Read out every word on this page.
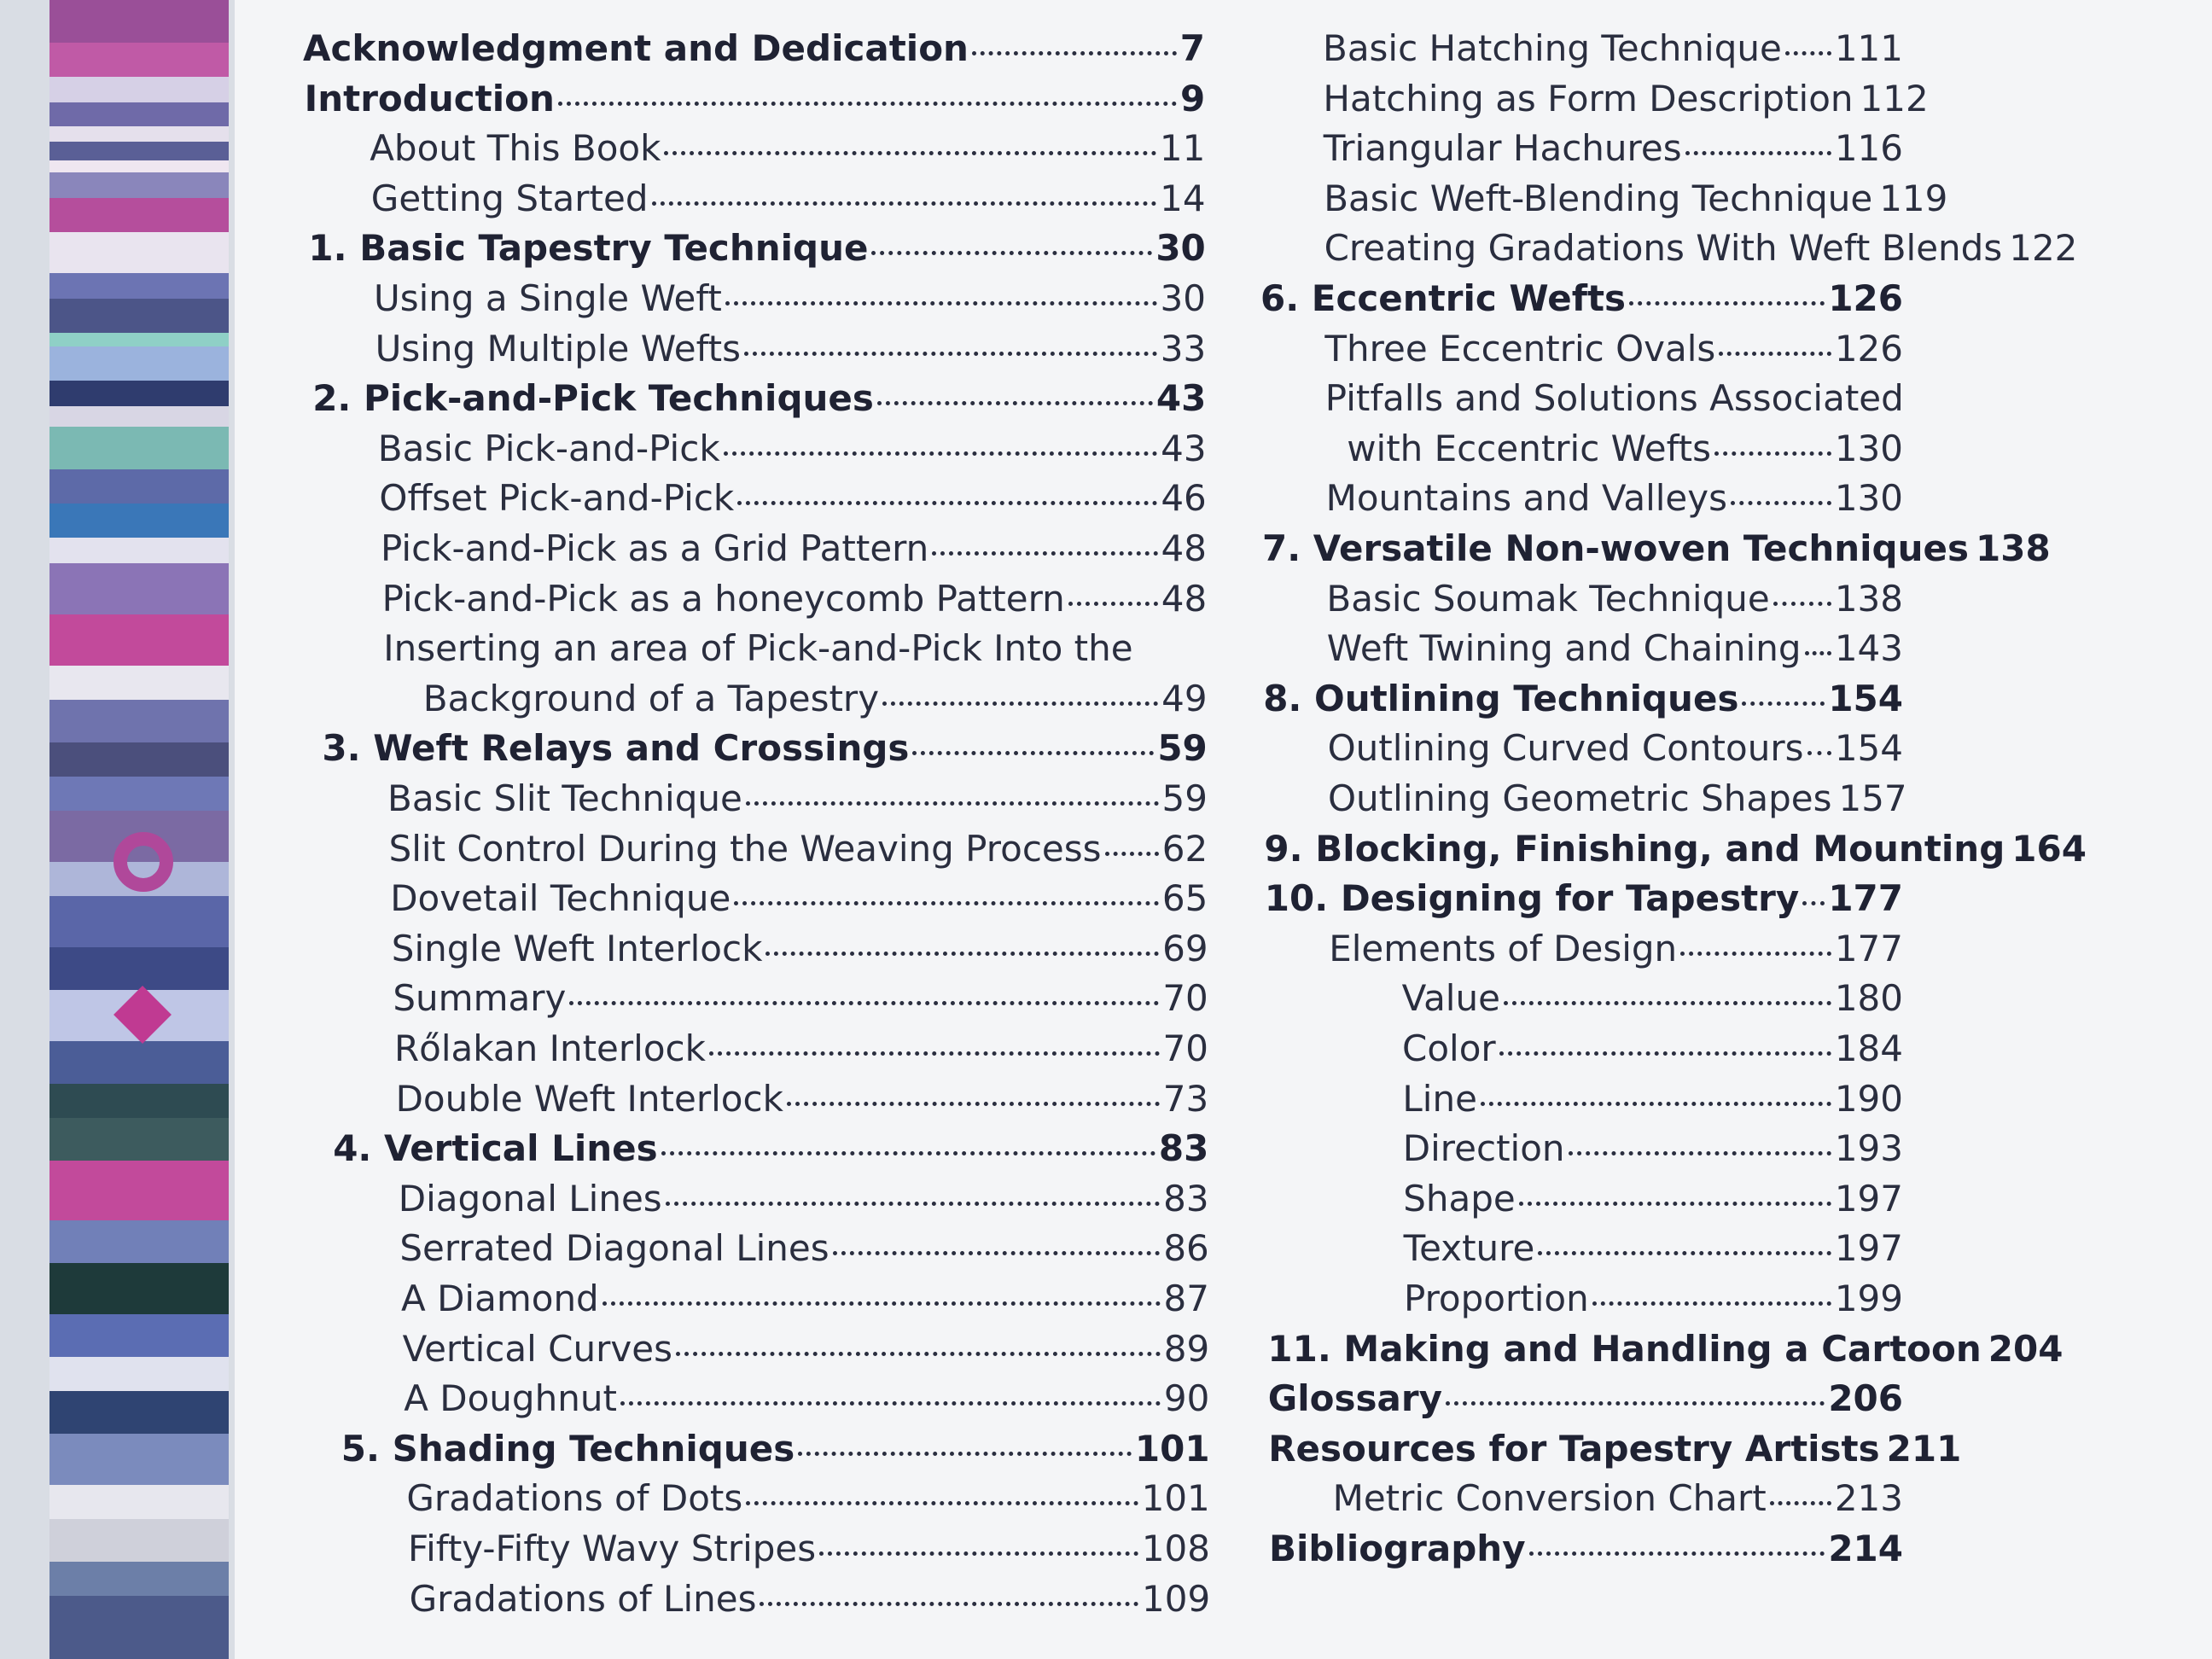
Acknowledgment and Dedication	7
Introduction	9
About This Book	11
Getting Started	14
1. Basic Tapestry Technique	30
Using a Single Weft	30
Using Multiple Wefts	33
2. Pick-and-Pick Techniques	43
Basic Pick-and-Pick	43
Offset Pick-and-Pick	46
Pick-and-Pick as a Grid Pattern	48
Pick-and-Pick as a honeycomb Pattern	48
Inserting an area of Pick-and-Pick Into the
Background of a Tapestry	49
3. Weft Relays and Crossings	59
Basic Slit Technique	59
Slit Control During the Weaving Process 62
Dovetail Technique	65
Single Weft Interlock	69
Summary	70
Rőlakan Interlock	70
Double Weft Interlock	73
4. Vertical Lines	83
Diagonal Lines	83
Serrated Diagonal Lines	86
A Diamond	87
Vertical Curves	89
A Doughnut	90
5. Shading Techniques	101
Gradations of Dots	101
Fifty-Fifty Wavy Stripes	108
Gradations of Lines	109
Basic Hatching Technique 111
Hatching as Form Description 112
Triangular Hachures	116
Basic Weft-Blending Technique 119
Creating Gradations With Weft Blends 122
6. Eccentric Wefts	126
Three Eccentric Ovals	126
Pitfalls and Solutions Associated
with Eccentric Wefts	130
Mountains and Valleys	130
7. Versatile Non-woven Techniques 138
Basic Soumak Technique 138
Weft Twining and Chaining 143
8. Outlining Techniques 154
Outlining Curved Contours 154
Outlining Geometric Shapes 157
9. Blocking, Finishing, and Mounting 164
10. Designing for Tapestry 177
Elements of Design	177
Value	180
Color	184
Line	190
Direction	193
Shape	197
Texture	197
Proportion	199
11. Making and Handling a Cartoon 204
Glossary	206
Resources for Tapestry Artists 211
Metric Conversion Chart 213
Bibliography	214
